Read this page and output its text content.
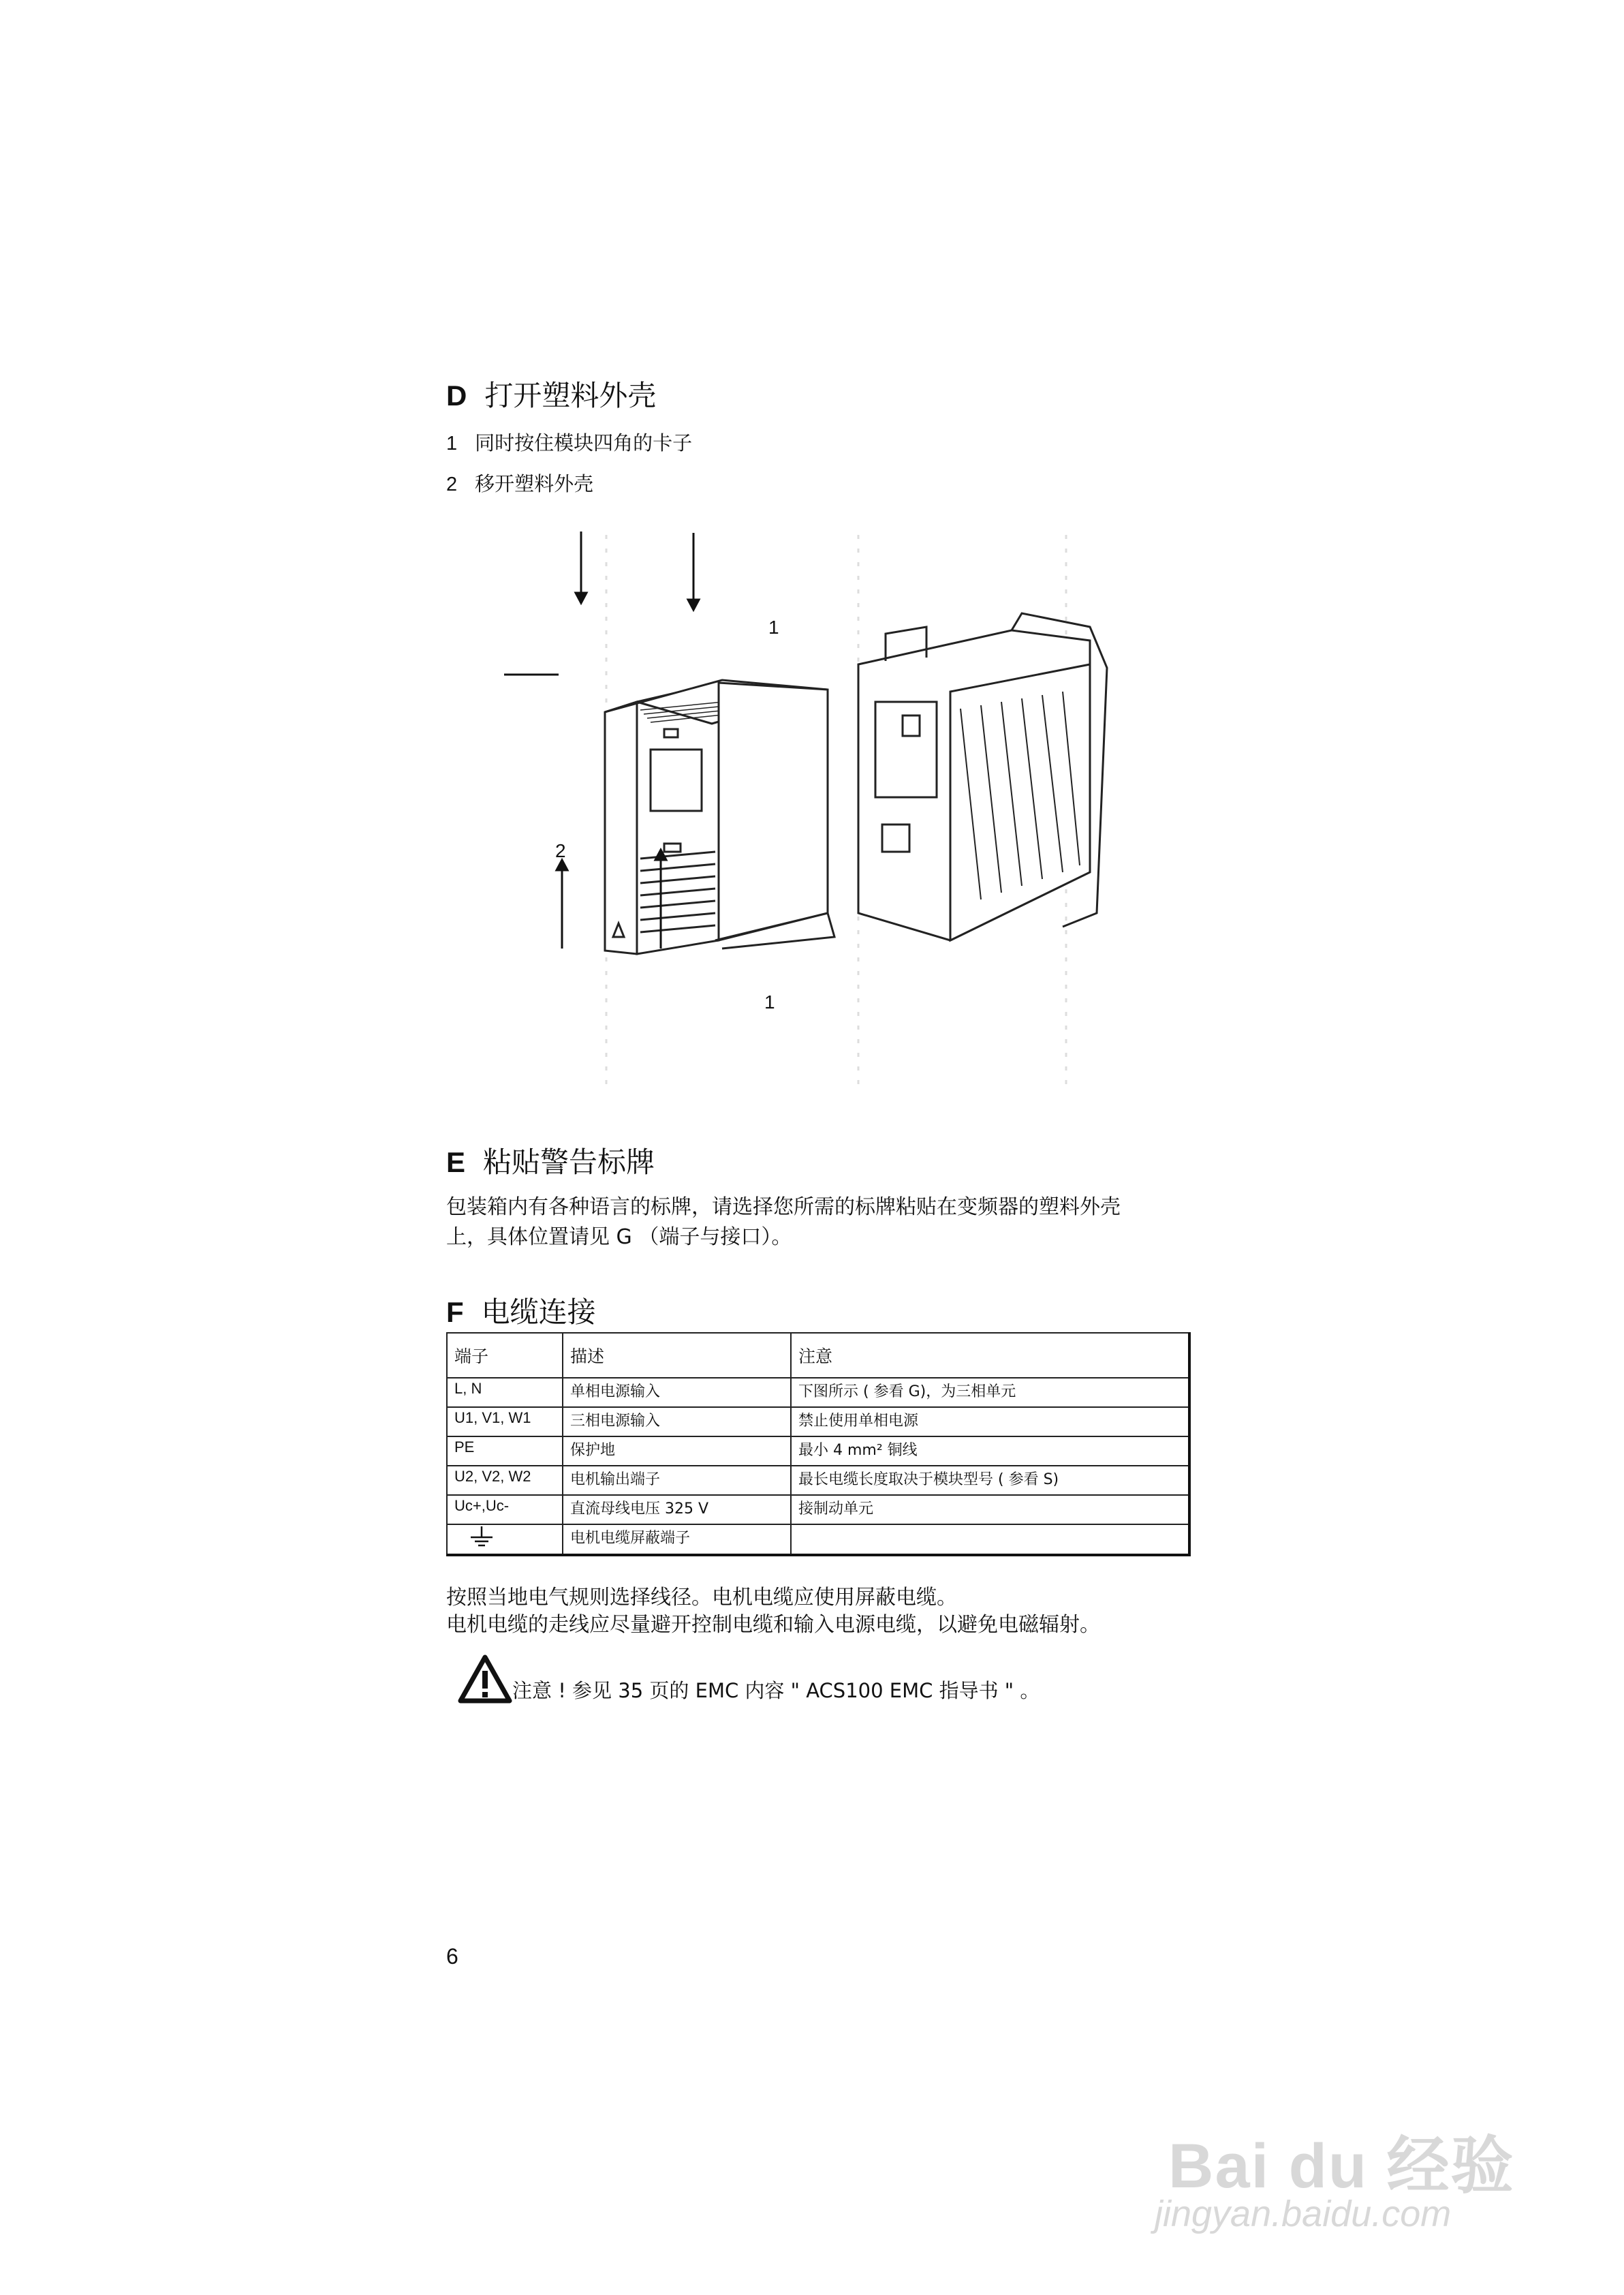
D 打开塑料外壳
1 同时按住模块四角的卡子
2 移开塑料外壳
1
2
1
E 粘贴警告标牌
包装箱内有各种语言的标牌，请选择您所需的标牌粘贴在变频器的塑料外壳
上，具体位置请见 G （端子与接口）。
F 电缆连接
端子	描述	注意
L, N	单相电源输入	下图所示 ( 参看 G)，为三相单元
U1, V1, W1	三相电源输入	禁止使用单相电源
PE	保护地	最小 4 mm² 铜线
U2, V2, W2	电机输出端子	最长电缆长度取决于模块型号 ( 参看 S)
Uc+,Uc-	直流母线电压 325 V	接制动单元
	电机电缆屏蔽端子	
按照当地电气规则选择线径。电机电缆应使用屏蔽电缆。
电机电缆的走线应尽量避开控制电缆和输入电源电缆，以避免电磁辐射。
注意 ! 参见 35 页的 EMC 内容 " ACS100 EMC 指导书 " 。
6
Bai du 经验
jingyan.baidu.com
